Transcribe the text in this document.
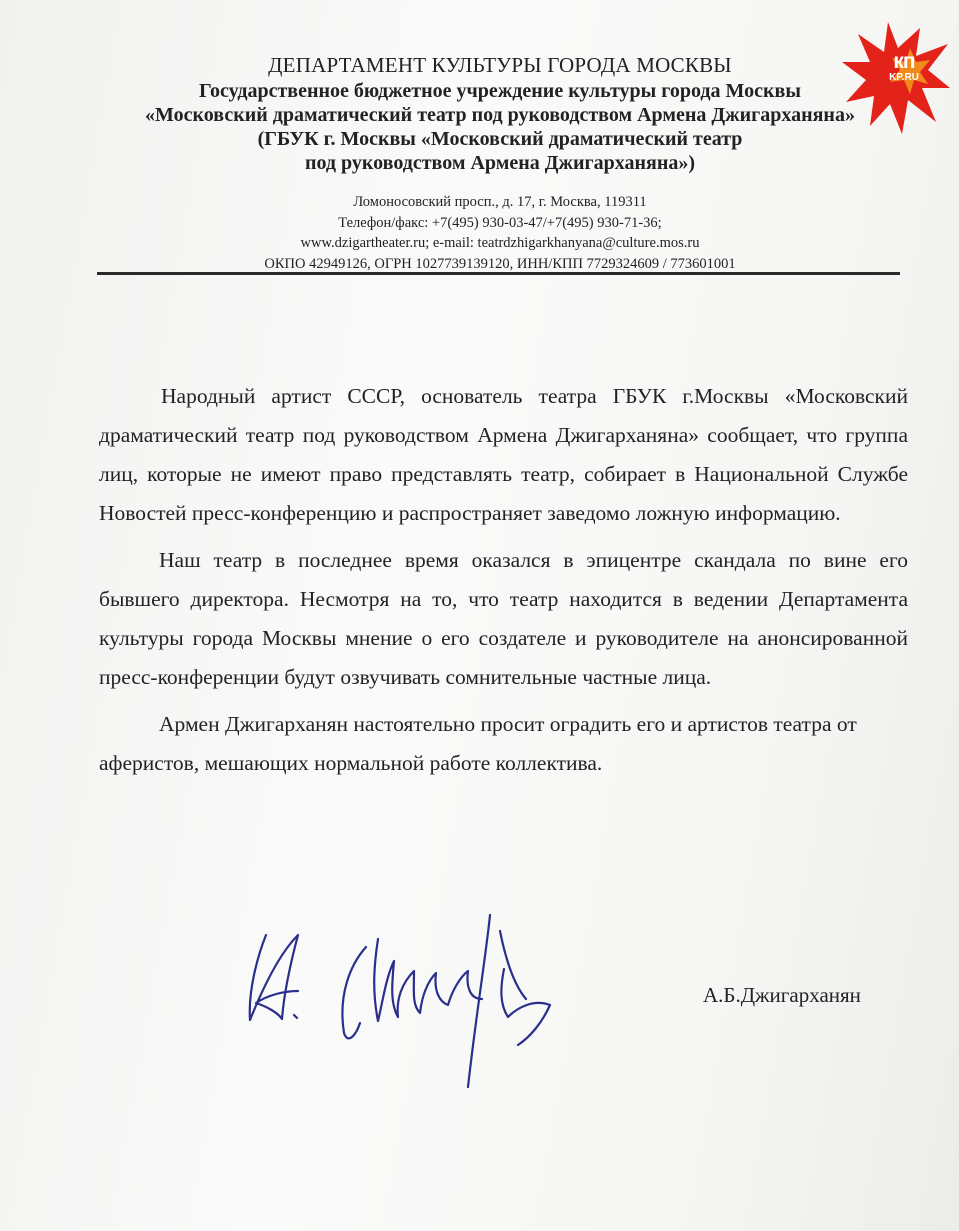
кп
KP.RU
ДЕПАРТАМЕНТ КУЛЬТУРЫ ГОРОДА МОСКВЫ
Государственное бюджетное учреждение культуры города Москвы
«Московский драматический театр под руководством Армена Джигарханяна»
(ГБУК г. Москвы «Московский драматический театр
под руководством Армена Джигарханяна»)
Ломоносовский просп., д. 17, г. Москва, 119311
Телефон/факс: +7(495) 930-03-47/+7(495) 930-71-36;
www.dzigartheater.ru; e-mail: teatrdzhigarkhanyana@culture.mos.ru
ОКПО 42949126, ОГРН 1027739139120, ИНН/КПП 7729324609 / 773601001

Народный артист СССР, основатель театра ГБУК г.Москвы «Московский драматический театр под руководством Армена Джигарханяна» сообщает, что группа лиц, которые не имеют право представлять театр, собирает в Национальной Службе Новостей пресс-конференцию и распространяет заведомо ложную информацию.

Наш театр в последнее время оказался в эпицентре скандала по вине его бывшего директора. Несмотря на то, что театр находится в ведении Департамента культуры города Москвы мнение о его создателе и руководителе на анонсированной пресс-конференции будут озвучивать сомнительные частные лица.

Армен Джигарханян настоятельно просит оградить его и артистов театра от аферистов, мешающих нормальной работе коллектива.

А.Б.Джигарханян
